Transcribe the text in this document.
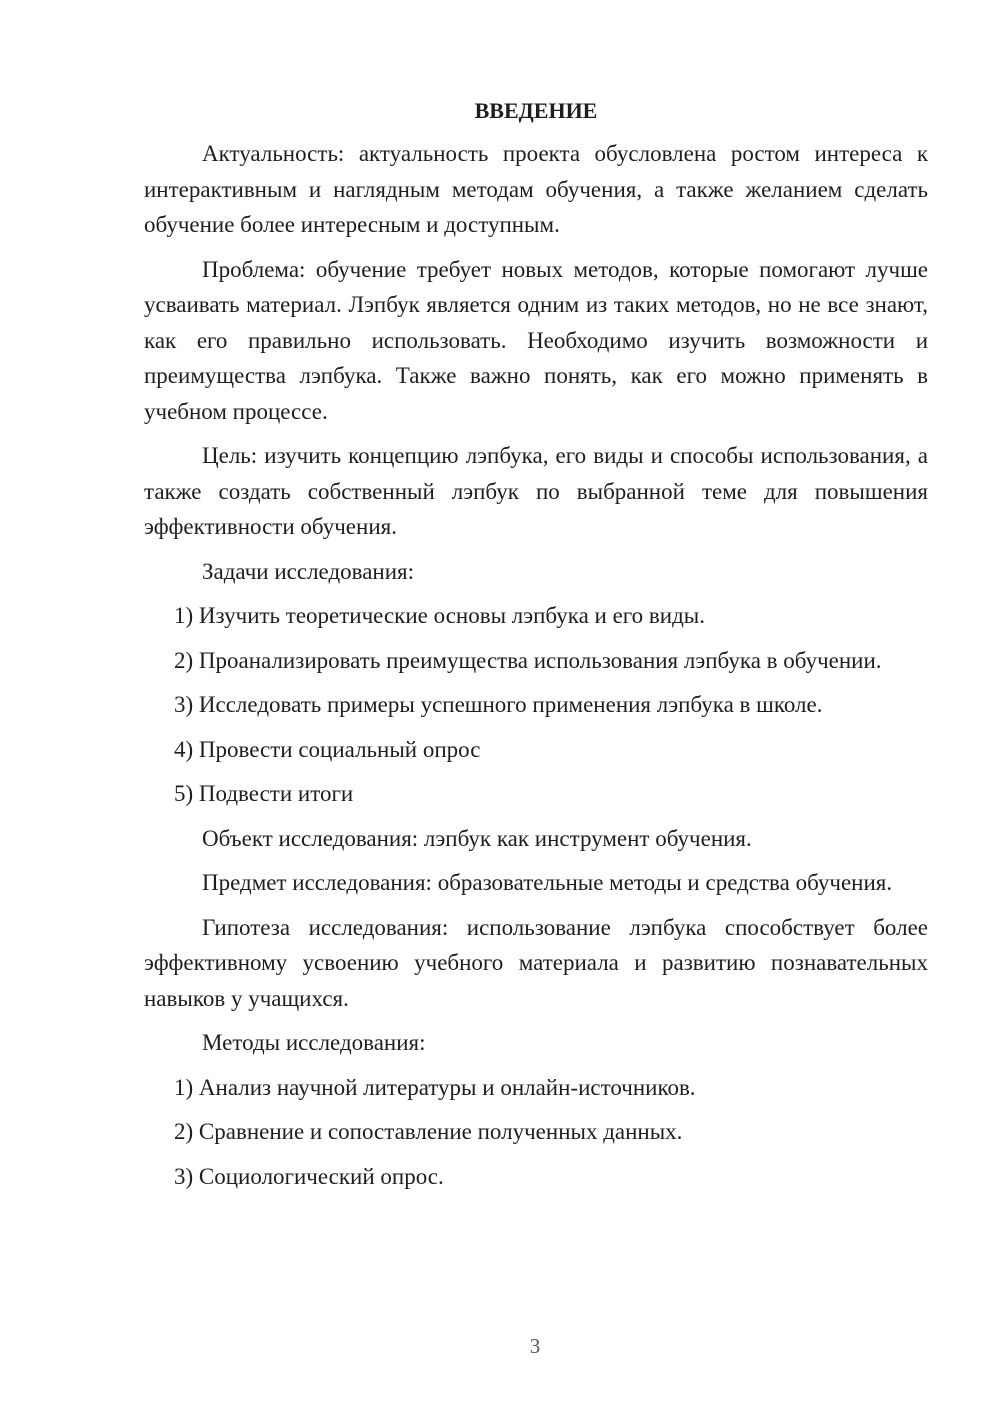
ВВЕДЕНИЕ

Актуальность: актуальность проекта обусловлена ростом интереса к интерактивным и наглядным методам обучения, а также желанием сделать обучение более интересным и доступным.

Проблема: обучение требует новых методов, которые помогают лучше усваивать материал. Лэпбук является одним из таких методов, но не все знают, как его правильно использовать. Необходимо изучить возможности и преимущества лэпбука. Также важно понять, как его можно применять в учебном процессе.

Цель: изучить концепцию лэпбука, его виды и способы использования, а также создать собственный лэпбук по выбранной теме для повышения эффективности обучения.

Задачи исследования:

1) Изучить теоретические основы лэпбука и его виды.

2) Проанализировать преимущества использования лэпбука в обучении.

3) Исследовать примеры успешного применения лэпбука в школе.

4) Провести социальный опрос

5) Подвести итоги

Объект исследования: лэпбук как инструмент обучения.

Предмет исследования: образовательные методы и средства обучения.

Гипотеза исследования: использование лэпбука способствует более эффективному усвоению учебного материала и развитию познавательных навыков у учащихся.

Методы исследования:

1) Анализ научной литературы и онлайн-источников.

2) Сравнение и сопоставление полученных данных.

3) Социологический опрос.

3
